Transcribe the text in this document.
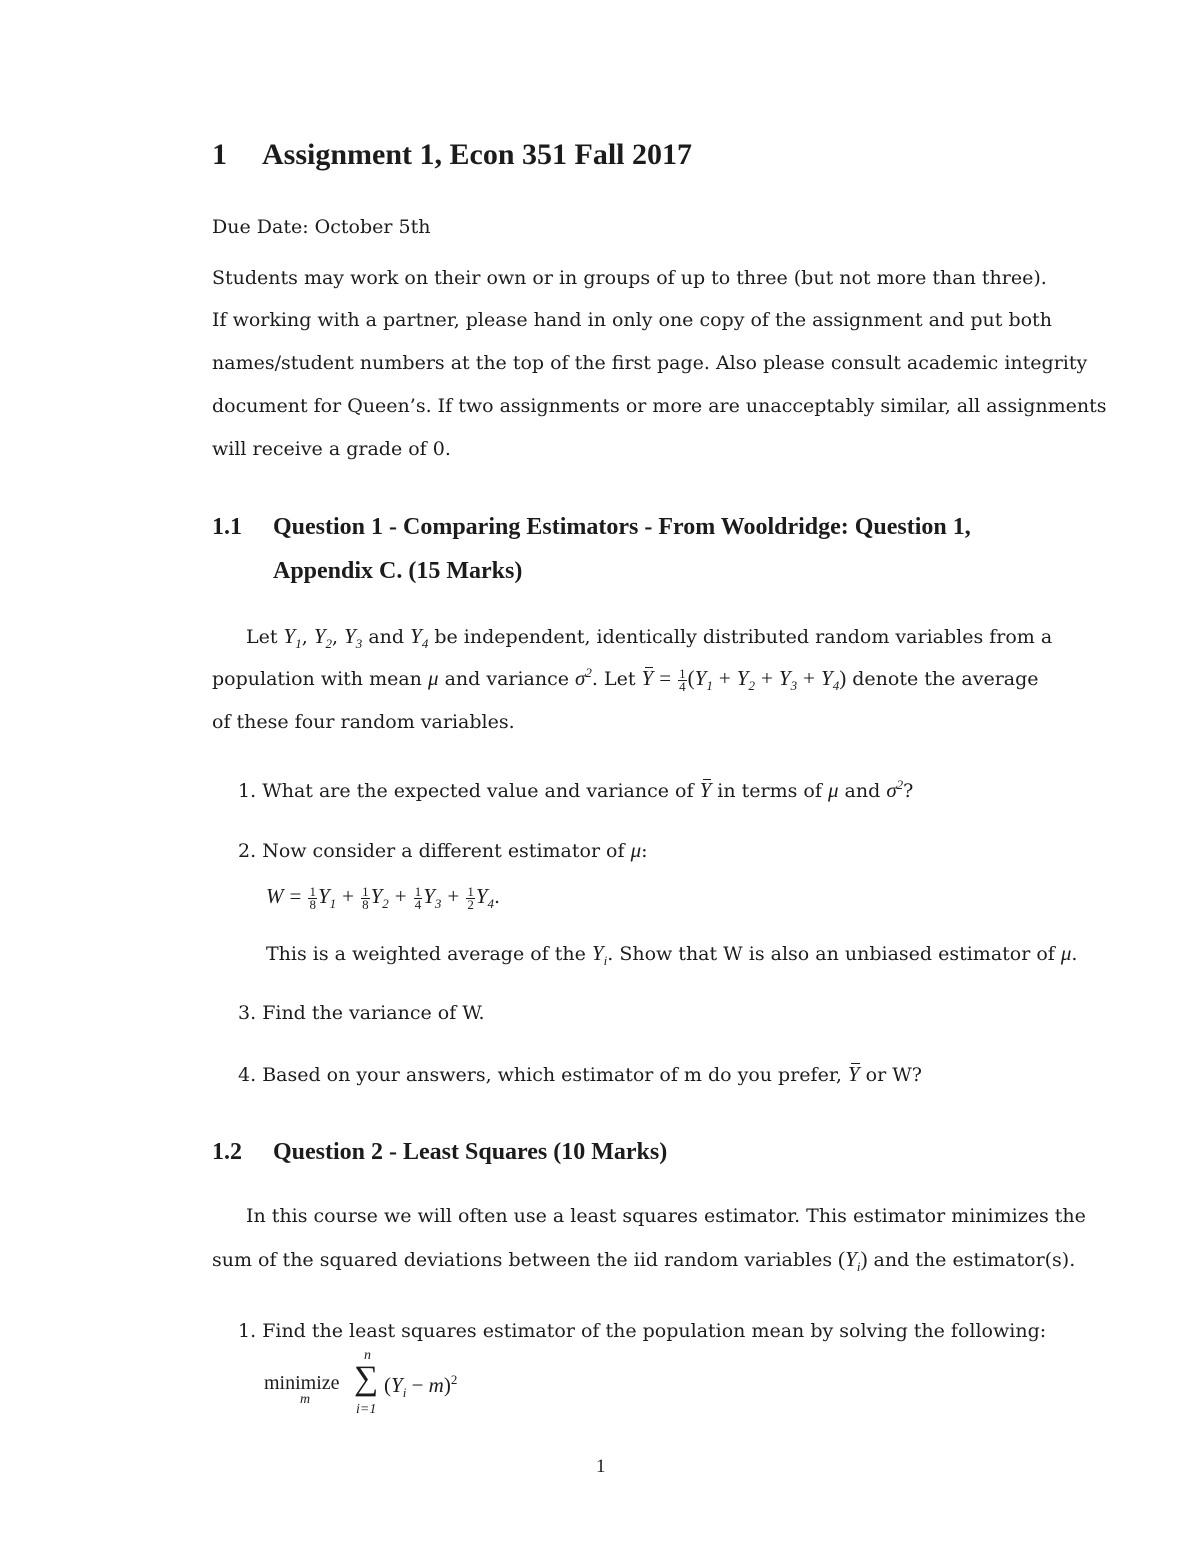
1 Assignment 1, Econ 351 Fall 2017
Due Date: October 5th
Students may work on their own or in groups of up to three (but not more than three).
If working with a partner, please hand in only one copy of the assignment and put both
names/student numbers at the top of the first page. Also please consult academic integrity
document for Queen’s. If two assignments or more are unacceptably similar, all assignments
will receive a grade of 0.
1.1 Question 1 - Comparing Estimators - From Wooldridge: Question 1,
Appendix C. (15 Marks)
Let $Y_1$, $Y_2$, $Y_3$ and $Y_4$ be independent, identically distributed random variables from a
population with mean μ and variance $\sigma^2$. Let $Y = \frac{1}{4} (Y_1 + Y_2 + Y_3 + Y_4)$ denote the average
of these four random variables.
1. What are the expected value and variance of Y in terms of μ and $\sigma^2$?
2. Now consider a different estimator of μ:
$W = \frac{1}{8} Y_1 + \frac{1}{8} Y_2 + \frac{1}{4} Y_3 + \frac{1}{2} Y_4$.
This is a weighted average of the $Y_i$. Show that W is also an unbiased estimator of μ.
3. Find the variance of W.
4. Based on your answers, which estimator of m do you prefer, Y or W?
1.2 Question 2 - Least Squares (10 Marks)
In this course we will often use a least squares estimator. This estimator minimizes the
sum of the squared deviations between the iid random variables $(Y_i)$ and the estimator(s).
1. Find the least squares estimator of the population mean by solving the following:
minimize
m
n
∑
i=1
$(Y_i - m)^2$
1
